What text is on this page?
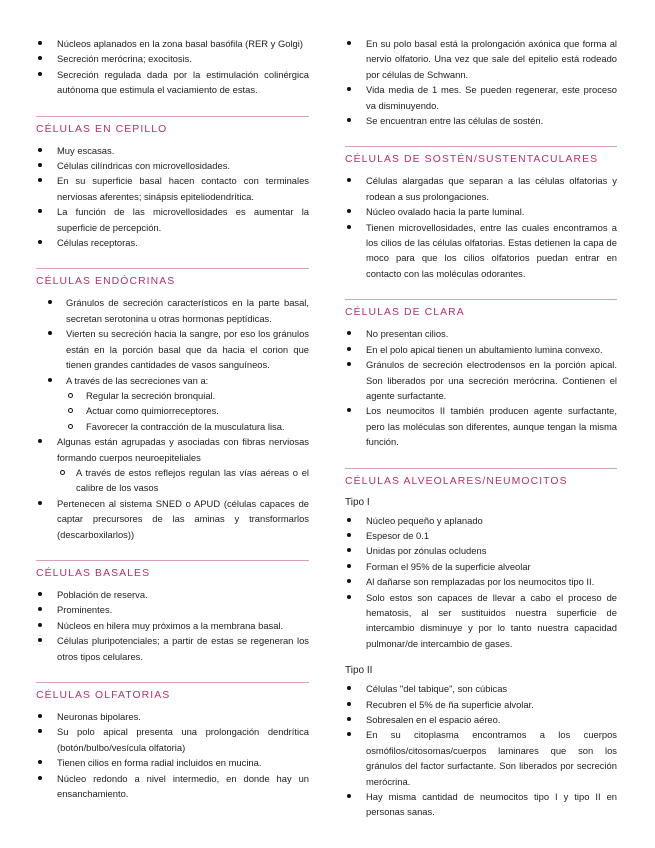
Núcleos aplanados en la zona basal basófila (RER y Golgi)
Secreción merócrina; exocitosis.
Secreción regulada dada por la estimulación colinérgica autónoma que estimula el vaciamiento de estas.
CÉLULAS EN CEPILLO
Muy escasas.
Células cilíndricas con microvellosidades.
En su superficie basal hacen contacto con terminales nerviosas aferentes; sinápsis epiteliodendrítica.
La función de las microvellosidades es aumentar la superficie de percepción.
Células receptoras.
CÉLULAS ENDÓCRINAS
Gránulos de secreción característicos en la parte basal, secretan serotonina u otras hormonas peptídicas.
Vierten su secreción hacia la sangre, por eso los gránulos están en la porción basal que da hacia el corion que tienen grandes cantidades de vasos sanguíneos.
A través de las secreciones van a:
Regular la secreción bronquial.
Actuar como quimiorreceptores.
Favorecer la contracción de la musculatura lisa.
Algunas están agrupadas y asociadas con fibras nerviosas formando cuerpos neuroepiteliales
A través de estos reflejos regulan las vías aéreas o el calibre de los vasos
Pertenecen al sistema SNED o APUD (células capaces de captar precursores de las aminas y transformarlos (descarboxilarlos))
CÉLULAS BASALES
Población de reserva.
Prominentes.
Núcleos en hilera muy próximos a la membrana basal.
Células pluripotenciales; a partir de estas se regeneran los otros tipos celulares.
CÉLULAS OLFATORIAS
Neuronas bipolares.
Su polo apical presenta una prolongación dendrítica (botón/bulbo/vesícula olfatoria)
Tienen cilios en forma radial incluidos en mucina.
Núcleo redondo a nivel intermedio, en donde hay un ensanchamiento.
En su polo basal está la prolongación axónica que forma al nervio olfatorio. Una vez que sale del epitelio está rodeado por células de Schwann.
Vida media de 1 mes. Se pueden regenerar, este proceso va disminuyendo.
Se encuentran entre las células de sostén.
CÉLULAS DE SOSTÉN/SUSTENTACULARES
Células alargadas que separan a las células olfatorias y rodean a sus prolongaciones.
Núcleo ovalado hacia la parte luminal.
Tienen microvellosidades, entre las cuales encontramos a los cilios de las células olfatorias. Estas detienen la capa de moco para que los cilios olfatorios puedan entrar en contacto con las moléculas odorantes.
CÉLULAS DE CLARA
No presentan cilios.
En el polo apical tienen un abultamiento lumina convexo.
Gránulos de secreción electrodensos en la porción apical. Son liberados por una secreción merócrina. Contienen el agente surfactante.
Los neumocitos II también producen agente surfactante, pero las moléculas son diferentes, aunque tengan la misma función.
CÉLULAS ALVEOLARES/NEUMOCITOS
Tipo I
Núcleo pequeño y aplanado
Espesor de 0.1
Unidas por zónulas ocludens
Forman el 95% de la superficie alveolar
Al dañarse son remplazadas por los neumocitos tipo II.
Solo estos son capaces de llevar a cabo el proceso de hematosis, al ser sustituidos nuestra superficie de intercambio disminuye y por lo tanto nuestra capacidad pulmonar/de intercambio de gases.
Tipo II
Células "del tabique", son cúbicas
Recubren el 5% de ña superficie alvolar.
Sobresalen en el espacio aéreo.
En su citoplasma encontramos a los cuerpos osmófilos/citosomas/cuerpos laminares que son los gránulos del factor surfactante. Son liberados por secreción merócrina.
Hay misma cantidad de neumocitos tipo I y tipo II en personas sanas.
